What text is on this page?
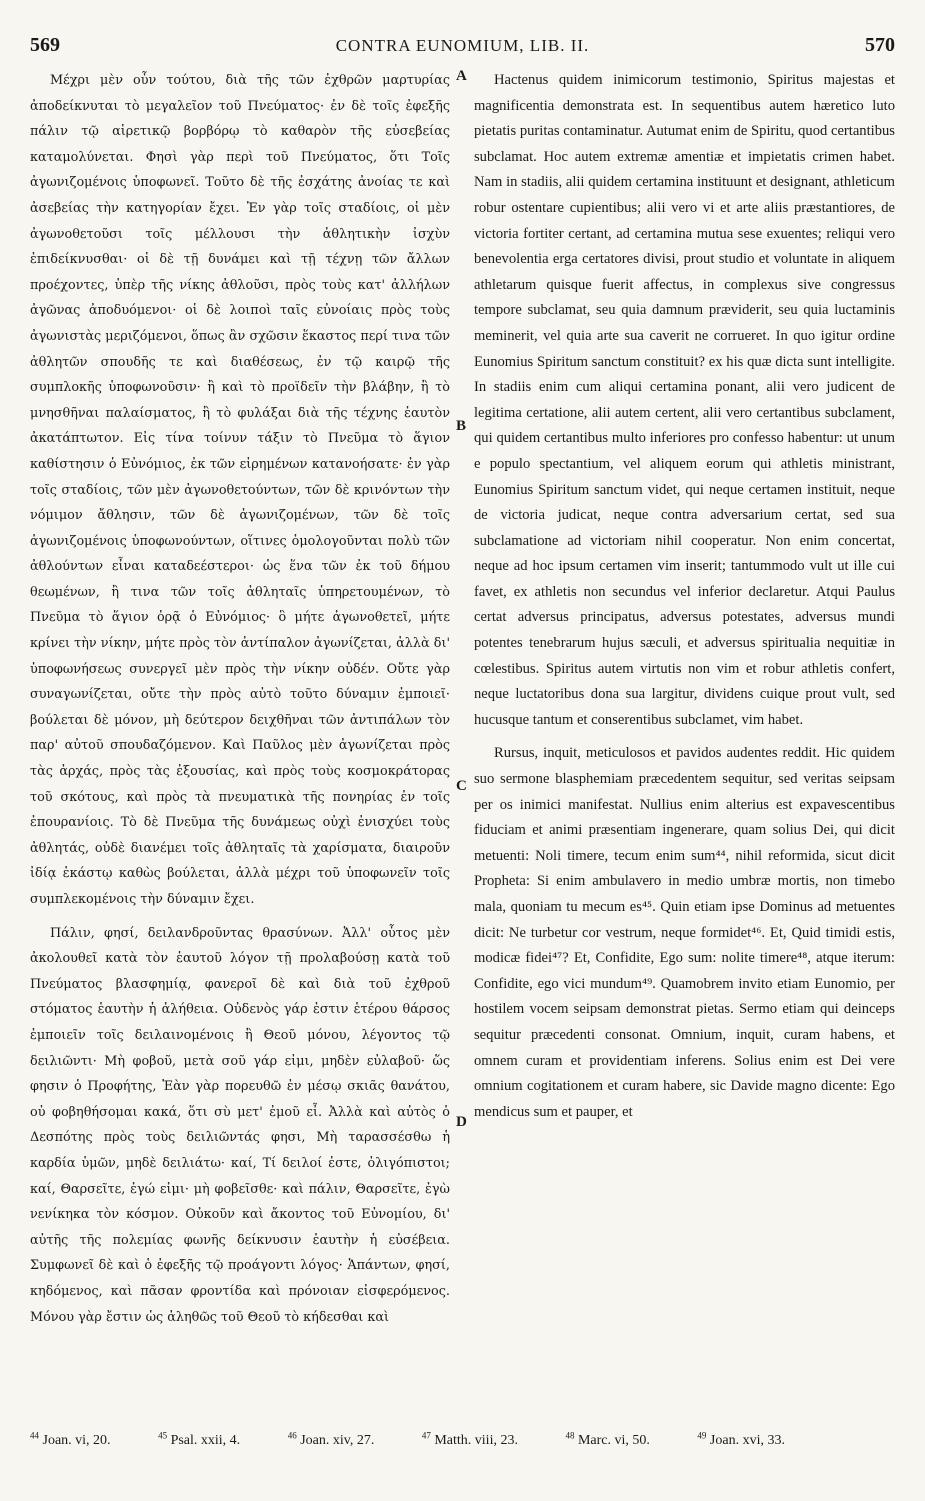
569	CONTRA EUNOMIUM, LIB. II.	570

Μέχρι μὲν οὖν τούτου, διὰ τῆς τῶν ἐχθρῶν μαρτυρίας ἀποδείκνυται τὸ μεγαλεῖον τοῦ Πνεύματος· ἐν δὲ τοῖς ἐφεξῆς πάλιν τῷ αἱρετικῷ βορβόρῳ τὸ καθαρὸν τῆς εὐσεβείας καταμολύνεται. Φησὶ γὰρ περὶ τοῦ Πνεύματος, ὅτι Τοῖς ἀγωνιζομένοις ὑποφωνεῖ. Τοῦτο δὲ τῆς ἐσχάτης ἀνοίας τε καὶ ἀσεβείας τὴν κατηγορίαν ἔχει. Ἐν γὰρ τοῖς σταδίοις, οἱ μὲν ἀγωνοθετοῦσι τοῖς μέλλουσι τὴν ἀθλητικὴν ἰσχὺν ἐπιδείκνυσθαι· οἱ δὲ τῇ δυνάμει καὶ τῇ τέχνῃ τῶν ἄλλων προέχοντες, ὑπὲρ τῆς νίκης ἀθλοῦσι, πρὸς τοὺς κατ' ἀλλήλων ἀγῶνας ἀποδυόμενοι· οἱ δὲ λοιποὶ ταῖς εὐνοίαις πρὸς τοὺς ἀγωνιστὰς μεριζόμενοι, ὅπως ἂν σχῶσιν ἕκαστος περί τινα τῶν ἀθλητῶν σπουδῆς τε καὶ διαθέσεως, ἐν τῷ καιρῷ τῆς συμπλοκῆς ὑποφωνοῦσιν· ἢ καὶ τὸ προϊδεῖν τὴν βλάβην, ἢ τὸ μνησθῆναι παλαίσματος, ἢ τὸ φυλάξαι διὰ τῆς τέχνης ἑαυτὸν ἀκατάπτωτον. Εἰς τίνα τοίνυν τάξιν τὸ Πνεῦμα τὸ ἅγιον καθίστησιν ὁ Εὐνόμιος, ἐκ τῶν εἰρημένων κατανοήσατε· ἐν γὰρ τοῖς σταδίοις, τῶν μὲν ἀγωνοθετούντων, τῶν δὲ κρινόντων τὴν νόμιμον ἄθλησιν, τῶν δὲ ἀγωνιζομένων, τῶν δὲ τοῖς ἀγωνιζομένοις ὑποφωνούντων, οἵτινες ὁμολογοῦνται πολὺ τῶν ἀθλούντων εἶναι καταδεέστεροι· ὡς ἕνα τῶν ἐκ τοῦ δήμου θεωμένων, ἢ τινα τῶν τοῖς ἀθληταῖς ὑπηρετουμένων, τὸ Πνεῦμα τὸ ἅγιον ὁρᾷ ὁ Εὐνόμιος· ὃ μήτε ἀγωνοθετεῖ, μήτε κρίνει τὴν νίκην, μήτε πρὸς τὸν ἀντίπαλον ἀγωνίζεται, ἀλλὰ δι' ὑποφωνήσεως συνεργεῖ μὲν πρὸς τὴν νίκην οὐδέν. Οὔτε γὰρ συναγωνίζεται, οὔτε τὴν πρὸς αὐτὸ τοῦτο δύναμιν ἐμποιεῖ· βούλεται δὲ μόνον, μὴ δεύτερον δειχθῆναι τῶν ἀντιπάλων τὸν παρ' αὐτοῦ σπουδαζόμενον. Καὶ Παῦλος μὲν ἀγωνίζεται πρὸς τὰς ἀρχάς, πρὸς τὰς ἐξουσίας, καὶ πρὸς τοὺς κοσμοκράτορας τοῦ σκότους, καὶ πρὸς τὰ πνευματικὰ τῆς πονηρίας ἐν τοῖς ἐπουρανίοις. Τὸ δὲ Πνεῦμα τῆς δυνάμεως οὐχὶ ἐνισχύει τοὺς ἀθλητάς, οὐδὲ διανέμει τοῖς ἀθληταῖς τὰ χαρίσματα, διαιροῦν ἰδίᾳ ἑκάστῳ καθὼς βούλεται, ἀλλὰ μέχρι τοῦ ὑποφωνεῖν τοῖς συμπλεκομένοις τὴν δύναμιν ἔχει.

Πάλιν, φησί, δειλανδροῦντας θρασύνων. Ἀλλ' οὗτος μὲν ἀκολουθεῖ κατὰ τὸν ἑαυτοῦ λόγον τῇ προλαβούσῃ κατὰ τοῦ Πνεύματος βλασφημίᾳ, φανεροῖ δὲ καὶ διὰ τοῦ ἐχθροῦ στόματος ἑαυτὴν ἡ ἀλήθεια. Οὐδενὸς γάρ ἐστιν ἑτέρου θάρσος ἐμποιεῖν τοῖς δειλαινομένοις ἢ Θεοῦ μόνου, λέγοντος τῷ δειλιῶντι· Μὴ φοβοῦ, μετὰ σοῦ γάρ εἰμι, μηδὲν εὐλαβοῦ· ὥς φησιν ὁ Προφήτης, Ἐὰν γὰρ πορευθῶ ἐν μέσῳ σκιᾶς θανάτου, οὐ φοβηθήσομαι κακά, ὅτι σὺ μετ' ἐμοῦ εἶ. Ἀλλὰ καὶ αὐτὸς ὁ Δεσπότης πρὸς τοὺς δειλιῶντάς φησι, Μὴ ταρασσέσθω ἡ καρδία ὑμῶν, μηδὲ δειλιάτω· καί, Τί δειλοί ἐστε, ὀλιγόπιστοι; καί, Θαρσεῖτε, ἐγώ εἰμι· μὴ φοβεῖσθε· καὶ πάλιν, Θαρσεῖτε, ἐγὼ νενίκηκα τὸν κόσμον. Οὐκοῦν καὶ ἄκοντος τοῦ Εὐνομίου, δι' αὐτῆς τῆς πολεμίας φωνῆς δείκνυσιν ἑαυτὴν ἡ εὐσέβεια. Συμφωνεῖ δὲ καὶ ὁ ἐφεξῆς τῷ προάγοντι λόγος· Ἁπάντων, φησί, κηδόμενος, καὶ πᾶσαν φροντίδα καὶ πρόνοιαν εἰσφερόμενος. Μόνου γὰρ ἔστιν ὡς ἀληθῶς τοῦ Θεοῦ τὸ κήδεσθαι καὶ

A
B
C
D

Hactenus quidem inimicorum testimonio, Spiritus majestas et magnificentia demonstrata est. In sequentibus autem hæretico luto pietatis puritas contaminatur. Autumat enim de Spiritu, quod certantibus subclamat. Hoc autem extremæ amentiæ et impietatis crimen habet. Nam in stadiis, alii quidem certamina instituunt et designant, athleticum robur ostentare cupientibus; alii vero vi et arte aliis præstantiores, de victoria fortiter certant, ad certamina mutua sese exuentes; reliqui vero benevolentia erga certatores divisi, prout studio et voluntate in aliquem athletarum quisque fuerit affectus, in complexus sive congressus tempore subclamat, seu quia damnum præviderit, seu quia luctaminis meminerit, vel quia arte sua caverit ne corrueret. In quo igitur ordine Eunomius Spiritum sanctum constituit? ex his quæ dicta sunt intelligite. In stadiis enim cum aliqui certamina ponant, alii vero judicent de legitima certatione, alii autem certent, alii vero certantibus subclament, qui quidem certantibus multo inferiores pro confesso habentur: ut unum e populo spectantium, vel aliquem eorum qui athletis ministrant, Eunomius Spiritum sanctum videt, qui neque certamen instituit, neque de victoria judicat, neque contra adversarium certat, sed sua subclamatione ad victoriam nihil cooperatur. Non enim concertat, neque ad hoc ipsum certamen vim inserit; tantummodo vult ut ille cui favet, ex athletis non secundus vel inferior declaretur. Atqui Paulus certat adversus principatus, adversus potestates, adversus mundi potentes tenebrarum hujus sæculi, et adversus spiritualia nequitiæ in cœlestibus. Spiritus autem virtutis non vim et robur athletis confert, neque luctatoribus dona sua largitur, dividens cuique prout vult, sed hucusque tantum et conserentibus subclamet, vim habet.

Rursus, inquit, meticulosos et pavidos audentes reddit. Hic quidem suo sermone blasphemiam præcedentem sequitur, sed veritas seipsam per os inimici manifestat. Nullius enim alterius est expavescentibus fiduciam et animi præsentiam ingenerare, quam solius Dei, qui dicit metuenti: Noli timere, tecum enim sum⁴⁴, nihil reformida, sicut dicit Propheta: Si enim ambulavero in medio umbræ mortis, non timebo mala, quoniam tu mecum es⁴⁵. Quin etiam ipse Dominus ad metuentes dicit: Ne turbetur cor vestrum, neque formidet⁴⁶. Et, Quid timidi estis, modicæ fidei⁴⁷? Et, Confidite, Ego sum: nolite timere⁴⁸, atque iterum: Confidite, ego vici mundum⁴⁹. Quamobrem invito etiam Eunomio, per hostilem vocem seipsam demonstrat pietas. Sermo etiam qui deinceps sequitur præcedenti consonat. Omnium, inquit, curam habens, et omnem curam et providentiam inferens. Solius enim est Dei vere omnium cogitationem et curam habere, sic Davide magno dicente: Ego mendicus sum et pauper, et

$^{44}$ Joan. vi, 20.	$^{45}$ Psal. xxii, 4.	$^{46}$ Joan. xiv, 27.	$^{47}$ Matth. viii, 23.	$^{48}$ Marc. vi, 50.	$^{49}$ Joan. xvi, 33.
